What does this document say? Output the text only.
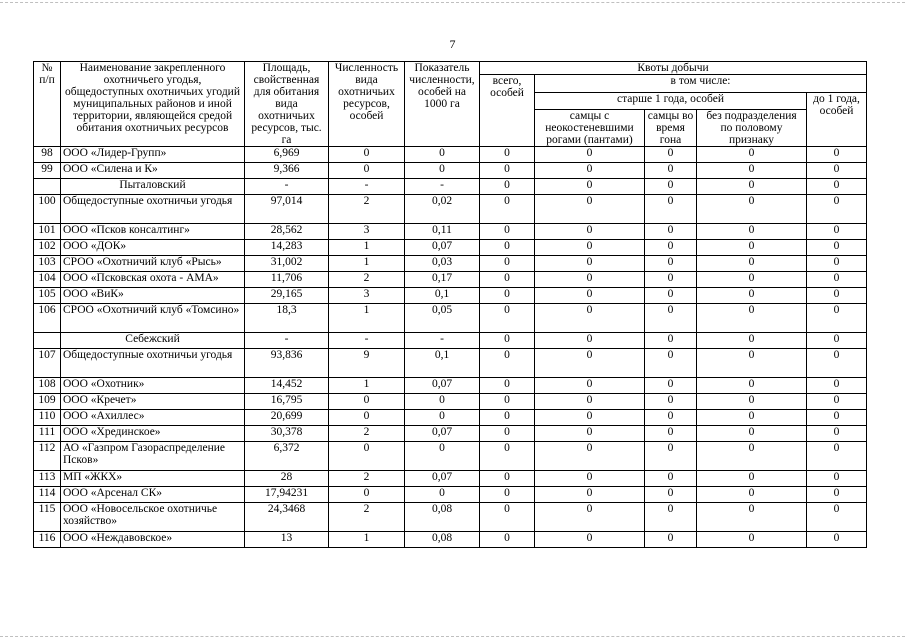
7
№ п/п	Наименование закрепленного охотничьего угодья, общедоступных охотничьих угодий муниципальных районов и иной территории, являющейся средой обитания охотничьих ресурсов	Площадь, свойственная для обитания вида охотничьих ресурсов, тыс. га	Численность вида охотничьих ресурсов, особей	Показатель численности, особей на 1000 га	Квоты добычи				
					всего, особей	в том числе:			
						старше 1 года, особей			до 1 года, особей
						самцы с неокостеневшими рогами (пантами)	самцы во время гона	без подразделения по половому признаку	
98	ООО «Лидер-Групп»	6,969	0	0	0	0	0	0	0
99	ООО «Силена и К»	9,366	0	0	0	0	0	0	0
	Пыталовский	-	-	-	0	0	0	0	0
100	Общедоступные охотничьи угодья	97,014	2	0,02	0	0	0	0	0
101	ООО «Псков консалтинг»	28,562	3	0,11	0	0	0	0	0
102	ООО «ДОК»	14,283	1	0,07	0	0	0	0	0
103	СРОО «Охотничий клуб «Рысь»	31,002	1	0,03	0	0	0	0	0
104	ООО «Псковская охота - АМА»	11,706	2	0,17	0	0	0	0	0
105	ООО «ВиК»	29,165	3	0,1	0	0	0	0	0
106	СРОО «Охотничий клуб «Томсино»	18,3	1	0,05	0	0	0	0	0
	Себежский	-	-	-	0	0	0	0	0
107	Общедоступные охотничьи угодья	93,836	9	0,1	0	0	0	0	0
108	ООО «Охотник»	14,452	1	0,07	0	0	0	0	0
109	ООО «Кречет»	16,795	0	0	0	0	0	0	0
110	ООО «Ахиллес»	20,699	0	0	0	0	0	0	0
111	ООО «Хрединское»	30,378	2	0,07	0	0	0	0	0
112	АО «Газпром Газораспределение Псков»	6,372	0	0	0	0	0	0	0
113	МП «ЖКХ»	28	2	0,07	0	0	0	0	0
114	ООО «Арсенал СК»	17,94231	0	0	0	0	0	0	0
115	ООО «Новосельское охотничье хозяйство»	24,3468	2	0,08	0	0	0	0	0
116	ООО «Неждавовское»	13	1	0,08	0	0	0	0	0
